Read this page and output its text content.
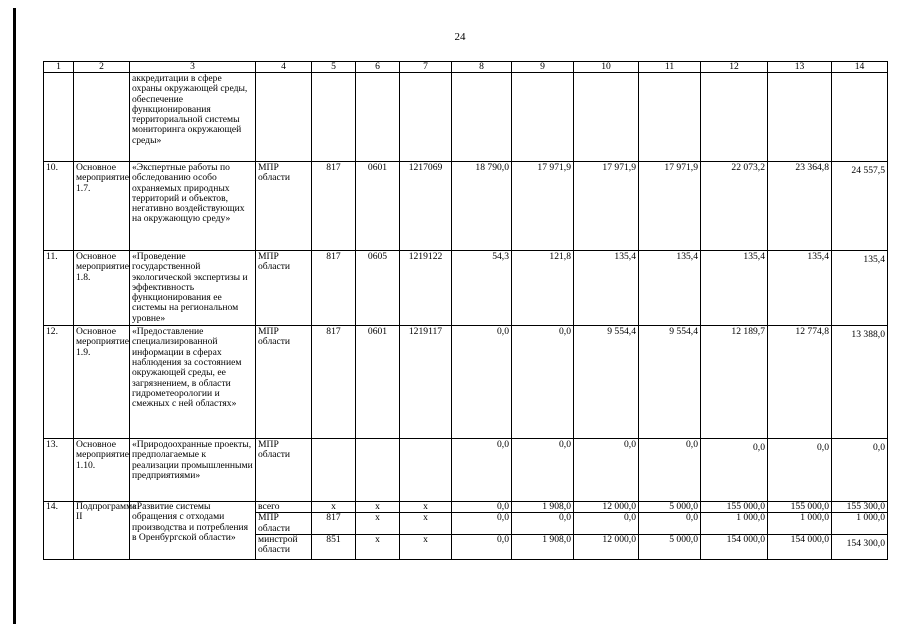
24
1	2	3	4	5	6	7	8	9	10	11	12	13	14
		аккредитации в сфере охраны окружающей среды, обеспечение функционирования территориальной системы мониторинга окружающей среды»											
10.	Основное мероприятие 1.7.	«Экспертные работы по обследованию особо охраняемых природных территорий и объектов, негативно воздействующих на окружающую среду»	МПР области	817	0601	1217069	18 790,0	17 971,9	17 971,9	17 971,9	22 073,2	23 364,8	24 557,5
11.	Основное мероприятие 1.8.	«Проведение государственной экологической экспертизы и эффективность функционирования ее системы на региональном уровне»	МПР области	817	0605	1219122	54,3	121,8	135,4	135,4	135,4	135,4	135,4
12.	Основное мероприятие 1.9.	«Предоставление специализированной информации в сферах наблюдения за состоянием окружающей среды, ее загрязнением, в области гидрометеорологии и смежных с ней областях»	МПР области	817	0601	1219117	0,0	0,0	9 554,4	9 554,4	12 189,7	12 774,8	13 388,0
13.	Основное мероприятие 1.10.	«Природоохранные проекты, предполагаемые к реализации промышленными предприятиями»	МПР области				0,0	0,0	0,0	0,0	0,0	0,0	0,0
14.	Подпрограмма II	«Развитие системы обращения с отходами производства и потребления в Оренбургской области»	всего	х	х	х	0,0	1 908,0	12 000,0	5 000,0	155 000,0	155 000,0	155 300,0
			МПР области	817	х	х	0,0	0,0	0,0	0,0	1 000,0	1 000,0	1 000,0
			минстрой области	851	х	х	0,0	1 908,0	12 000,0	5 000,0	154 000,0	154 000,0	154 300,0
